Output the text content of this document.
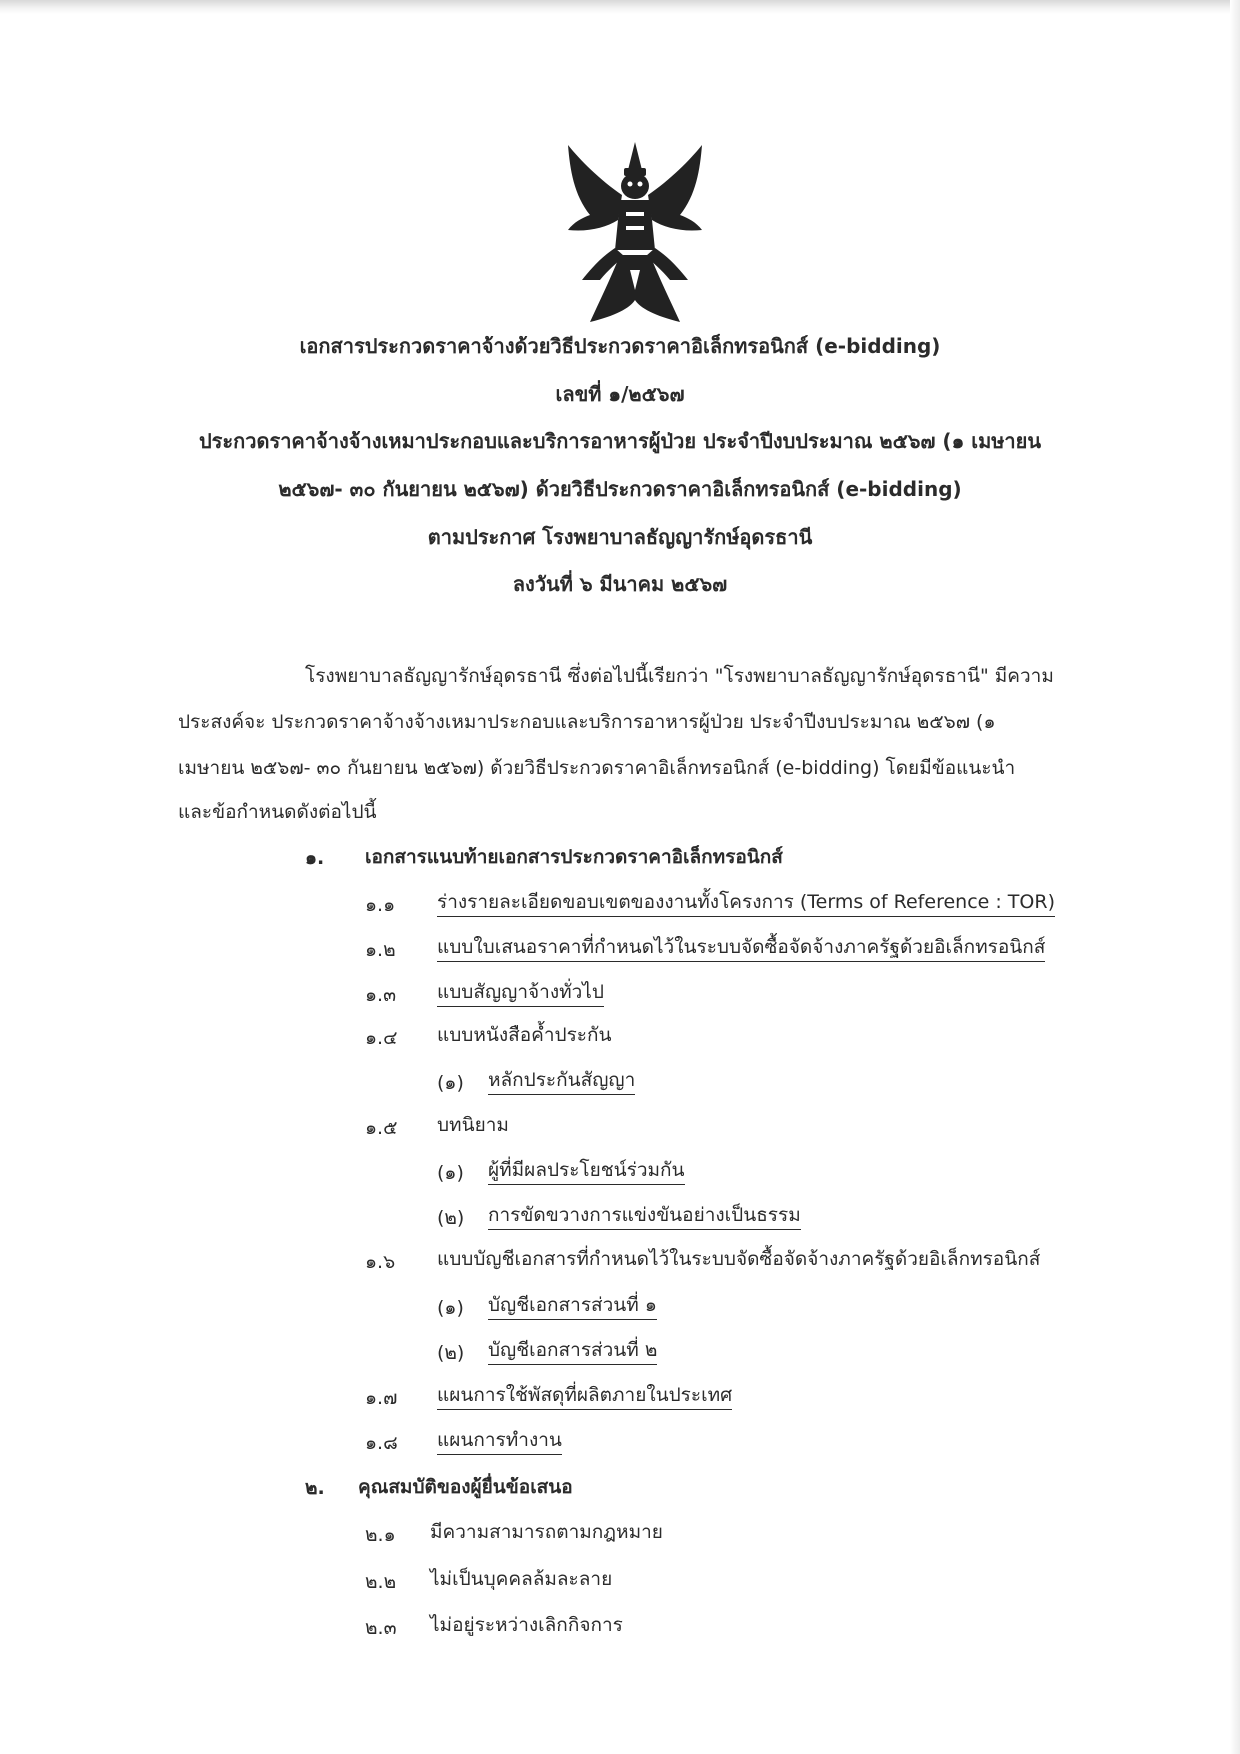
เอกสารประกวดราคาจ้างด้วยวิธีประกวดราคาอิเล็กทรอนิกส์ (e-bidding)
เลขที่ ๑/๒๕๖๗
ประกวดราคาจ้างจ้างเหมาประกอบและบริการอาหารผู้ป่วย ประจำปีงบประมาณ ๒๕๖๗ (๑ เมษายน
๒๕๖๗- ๓๐ กันยายน ๒๕๖๗) ด้วยวิธีประกวดราคาอิเล็กทรอนิกส์ (e-bidding)
ตามประกาศ โรงพยาบาลธัญญารักษ์อุดรธานี
ลงวันที่ ๖ มีนาคม ๒๕๖๗
โรงพยาบาลธัญญารักษ์อุดรธานี ซึ่งต่อไปนี้เรียกว่า "โรงพยาบาลธัญญารักษ์อุดรธานี" มีความ
ประสงค์จะ ประกวดราคาจ้างจ้างเหมาประกอบและบริการอาหารผู้ป่วย ประจำปีงบประมาณ ๒๕๖๗ (๑
เมษายน ๒๕๖๗- ๓๐ กันยายน ๒๕๖๗) ด้วยวิธีประกวดราคาอิเล็กทรอนิกส์ (e-bidding) โดยมีข้อแนะนำ
และข้อกำหนดดังต่อไปนี้
๑. เอกสารแนบท้ายเอกสารประกวดราคาอิเล็กทรอนิกส์
๑.๑ ร่างรายละเอียดขอบเขตของงานทั้งโครงการ (Terms of Reference : TOR)
๑.๒ แบบใบเสนอราคาที่กำหนดไว้ในระบบจัดซื้อจัดจ้างภาครัฐด้วยอิเล็กทรอนิกส์
๑.๓ แบบสัญญาจ้างทั่วไป
๑.๔ แบบหนังสือค้ำประกัน
(๑) หลักประกันสัญญา
๑.๕ บทนิยาม
(๑) ผู้ที่มีผลประโยชน์ร่วมกัน
(๒) การขัดขวางการแข่งขันอย่างเป็นธรรม
๑.๖ แบบบัญชีเอกสารที่กำหนดไว้ในระบบจัดซื้อจัดจ้างภาครัฐด้วยอิเล็กทรอนิกส์
(๑) บัญชีเอกสารส่วนที่ ๑
(๒) บัญชีเอกสารส่วนที่ ๒
๑.๗ แผนการใช้พัสดุที่ผลิตภายในประเทศ
๑.๘ แผนการทำงาน
๒. คุณสมบัติของผู้ยื่นข้อเสนอ
๒.๑ มีความสามารถตามกฎหมาย
๒.๒ ไม่เป็นบุคคลล้มละลาย
๒.๓ ไม่อยู่ระหว่างเลิกกิจการ
